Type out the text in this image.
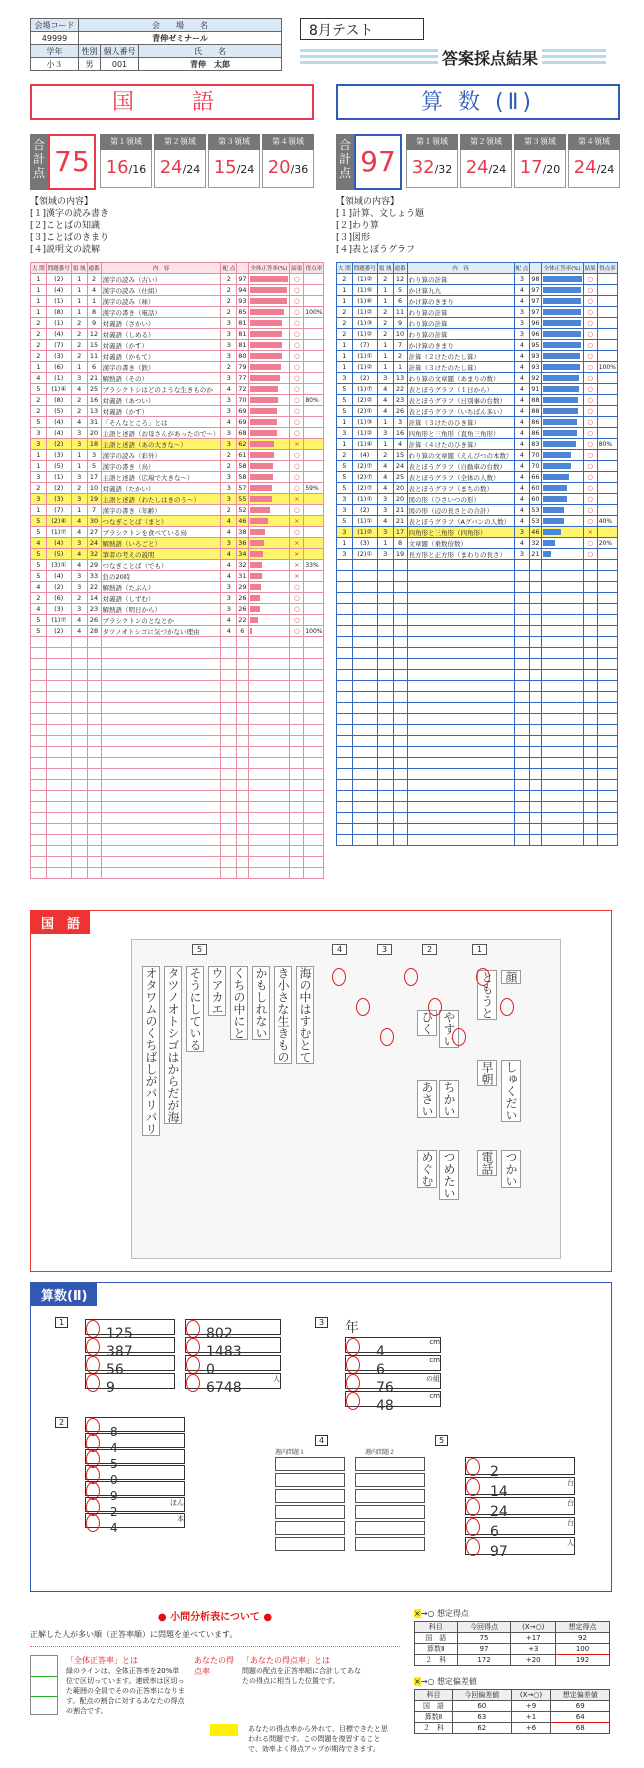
会場コード	会　　場　　名		
49999	青伸ゼミナール		
学年	性別	個人番号	氏　　名
小３	男	001	青伸　太郎
8月テスト
答案採点結果
国　語	算 数 (Ⅱ)
合計点 75
第１領域
16/16
第２領域
24/24
第３領域
15/24
第４領域
20/36
合計点 97
第１領域
32/32
第２領域
24/24
第３領域
17/20
第４領域
24/24
【領域の内容】
[１]漢字の読み書き
[２]ことばの知識
[３]ことばのきまり
[４]説明文の読解
【領域の内容】
[１]計算、文しょう題
[２]わり算
[３]図形
[４]表とぼうグラフ
大 問	問題番号	領 域	通番	内　容	配 点		全体正答率(%)	結果	得点率
1	(2)	1	2	漢字の読み（古い）	2	97		○	
1	(4)	1	4	漢字の読み（仕組）	2	94		○	
1	(1)	1	1	漢字の読み（味）	2	93		○	
1	(8)	1	8	漢字の書き（電話）	2	85		○	100%
2	(1)	2	9	対義語（さかい）	3	81		○	
2	(4)	2	12	対義語（しめる）	3	81		○	
2	(7)	2	15	対義語（かす）	3	81		○	
2	(3)	2	11	対義語（かもて）	3	80		○	
1	(6)	1	6	漢字の書き（鉄）	2	79		○	
4	(1)	3	21	解熱語（その）	3	77		○	
5	(1)④	4	25	ブラシクトシはどのような生きものか	4	72		○	
2	(8)	2	16	対義語（あつい）	3	70		○	80%
2	(5)	2	13	対義語（かす）	3	69		○	
5	(4)	4	31	「そんなところ」とは	4	69		○	
3	(4)	3	20	主語と述語（お母さんがあったので～）	3	68		○	
3	(2)	3	18	主語と述語（あの大きな～）	3	62		×	
1	(3)	1	3	漢字の読み（彩外）	2	61		○	
1	(5)	1	5	漢字の書き（鳥）	2	58		○	
3	(1)	3	17	主語と述語（広場で大きな～）	3	58		○	
2	(2)	2	10	対義語（たかい）	3	57		○	59%
3	(3)	3	19	主語と述語（わたしはきのう～）	3	55		×	
1	(7)	1	7	漢字の書き（年齢）	2	52		○	
5	(2)④	4	30	つなぎことば（まと）	4	46		×	
5	(1)⑦	4	27	ブラシクトンを食べている鳥	4	38		○	
4	(4)	3	24	解熱語（いろごと）	3	36		×	
5	(5)	4	32	筆者の考えの説明	4	34		×	
5	(3)①	4	29	つなぎことば（でも）	4	32		×	33%
5	(4)	3	33	負の20時	4	31		×	
4	(2)	3	22	解熱語（たぶん）	3	29		○	
2	(6)	2	14	対義語（しずむ）	3	26		○	
4	(3)	3	23	解熱語（明日から）	3	26		○	
5	(1)⑦	4	26	ブラシクトンのとなとか	4	22		○	
5	(2)	4	28	タツノオトシゴに気づかない理由	4	6		○	100%

大 問	問題番号	領 域	通番	内　容	配 点		全体正答率(%)	結果	得点率
2	(1)②	2	12	わり算の計算	3	98		○	
1	(1)⑤	1	5	かけ算九九	4	97		○	
1	(1)⑥	1	6	かけ算のきまり	4	97		○	
2	(1)②	2	11	わり算の計算	3	97		○	
2	(1)③	2	9	わり算の計算	3	96		○	
2	(1)②	2	10	わり算の計算	3	96		○	
1	(7)	1	7	かけ算のきまり	4	95		○	
1	(1)①	1	2	計算（２けたのたし算）	4	93		○	
1	(1)②	1	1	計算（３けたのたし算）	4	93		○	100%
3	(2)	3	13	わり算の文章題（あまりの数）	4	92		○	
5	(1)⑦	4	22	表とぼうグラフ（１日から）	4	91		○	
5	(2)②	4	23	表とぼうグラフ（日別事の台数）	4	88		○	
5	(2)①	4	26	表とぼうグラフ（いちばん多い）	4	88		○	
1	(1)③	1	3	計算（３けたのひき算）	4	86		○	
3	(1)②	3	16	四角形と三角形（直角三角形）	4	86		○	
1	(1)④	1	4	計算（４けたのひき算）	4	83		○	80%
2	(4)	2	15	わり算の文章題（えんぴつの本数）	4	70		○	
5	(2)⑦	4	24	表とぼうグラフ（自動車の台数）	4	70		○	
5	(2)⑦	4	25	表とぼうグラフ（全体の人数）	4	66		○	
5	(2)⑦	4	20	表とぼうグラフ（まちの数）	4	60		○	
3	(1)①	3	20	図の形（ひさいつの形）	4	60		○	
3	(2)	3	21	図の形（辺の長さとの合計）	4	53		○	
5	(1)①	4	21	表とぼうグラフ（Aグバンの人数）	4	53		○	40%
3	(1)②	3	17	四角形と三角形（四角形）	3	46		×	
1	(3)	1	8	文章題（乗数倍数）	4	32		○	20%
3	(2)①	3	19	長方形と正方形（まわりの長さ）	3	21		○	

国　語
5	4	3	2	1
オタワムのくちばしがパリパリ タツノオトシゴはからだが海 そうにしている ウアカエ くちの中にと かもしれない き小さな生きもの 海の中はすむとて	ひく やすい
あさい ちかい
めぐむ つめたい
ともうと 顔
早朝 しゅくだい
電話 つかい
算数(Ⅱ)
1
2
3
4	5
年
125
387
56
9
802
1483
0
6748
人
4
cm
6
cm
76
の組
48
cm
8
4
5
0
9
2
ほん
4
本
週内問題１	週内問題２
2
14
台
24
台
6
台
97
人
● 小問分析表について ●
正解した人が多い順（正答率順）に問題を並べています。
「全体正答率」とは
緑のラインは、全体正答率を20%単位で区切っています。連続率は区切った範囲の全員でそのの正答率になります。配点の割合に対するあなたの得点の割合です。
あなたの得点率
「あなたの得点率」とは
問題の配点を正答率順に合計してあなたの得点に相当した位置です。
あなたの得点率から外れて、目標できたと思われる問題です。この問題を復習することで、効率よく得点アップが期待できます。
×→○ 想定得点
科目	今回得点	(X→○)	想定得点
国　語	75	+17	92
算数Ⅱ	97	+3	100
２　科	172	+20	192
×→○ 想定偏差値
科目	今回偏差値	(X→○)	想定偏差値
国　語	60	+9	69
算数Ⅱ	63	+1	64
２　科	62	+6	68
